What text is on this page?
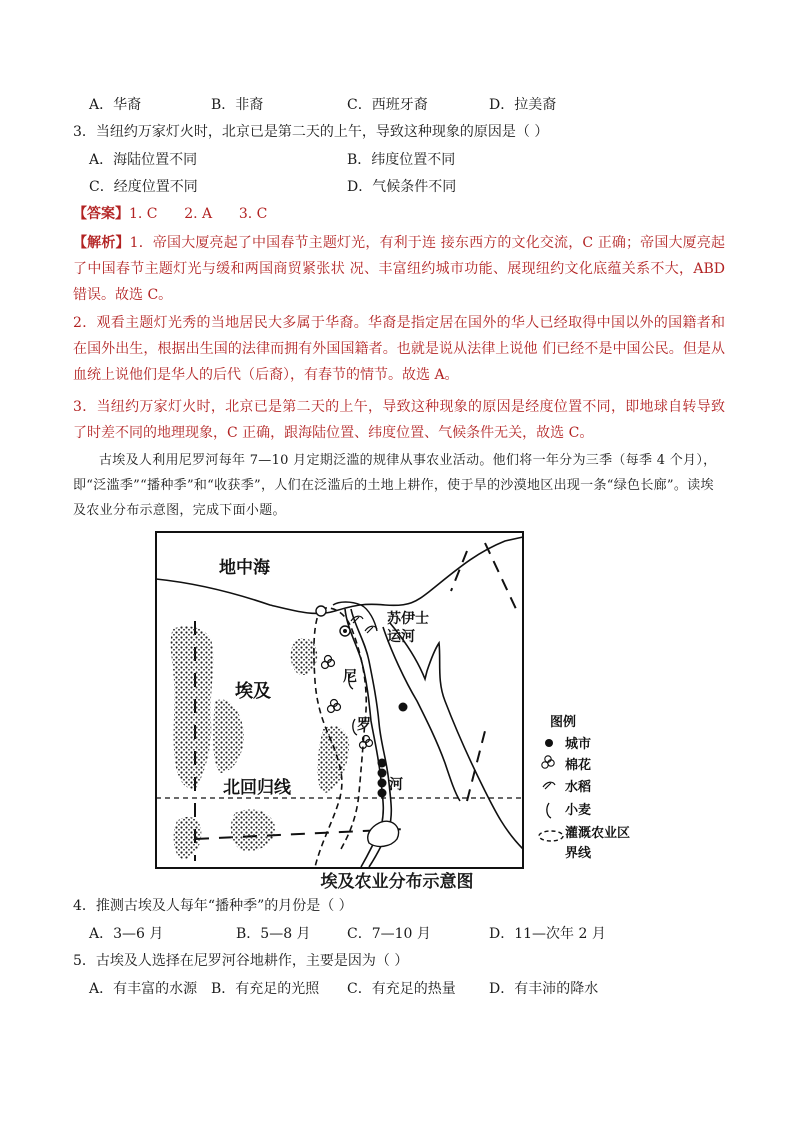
A．华裔	B．非裔	C．西班牙裔	D．拉美裔
3．当纽约万家灯火时，北京已是第二天的上午，导致这种现象的原因是（ ）
A．海陆位置不同	B．纬度位置不同
C．经度位置不同	D．气候条件不同
【答案】1. C      2. A      3. C
【解析】1．帝国大厦亮起了中国春节主题灯光，有利于连 接东西方的文化交流，C 正确；帝国大厦亮起了中国春节主题灯光与缓和两国商贸紧张状 况、丰富纽约城市功能、展现纽约文化底蕴关系不大，ABD 错误。故选 C。
2．观看主题灯光秀的当地居民大多属于华裔。华裔是指定居在国外的华人已经取得中国以外的国籍者和在国外出生，根据出生国的法律而拥有外国国籍者。也就是说从法律上说他 们已经不是中国公民。但是从血统上说他们是华人的后代（后裔），有春节的情节。故选 A。
3．当纽约万家灯火时，北京已是第二天的上午，导致这种现象的原因是经度位置不同，即地球自转导致了时差不同的地理现象，C 正确，跟海陆位置、纬度位置、气候条件无关，故选 C。
古埃及人利用尼罗河每年 7—10 月定期泛滥的规律从事农业活动。他们将一年分为三季（每季 4 个月），即“泛滥季”“播种季”和“收获季”，人们在泛滥后的土地上耕作，使于旱的沙漠地区出现一条“绿色长廊”。读埃及农业分布示意图，完成下面小题。
地中海
苏伊士
运河
埃及
尼
罗
河
北回归线
图例
城市
棉花
水稻
小麦
灌溉农业区
界线
埃及农业分布示意图
4．推测古埃及人每年“播种季”的月份是（ ）
A．3—6 月	B．5—8 月	C．7—10 月	D．11—次年 2 月
5．古埃及人选择在尼罗河谷地耕作，主要是因为（ ）
A．有丰富的水源 B．有充足的光照 C．有充足的热量 D．有丰沛的降水
